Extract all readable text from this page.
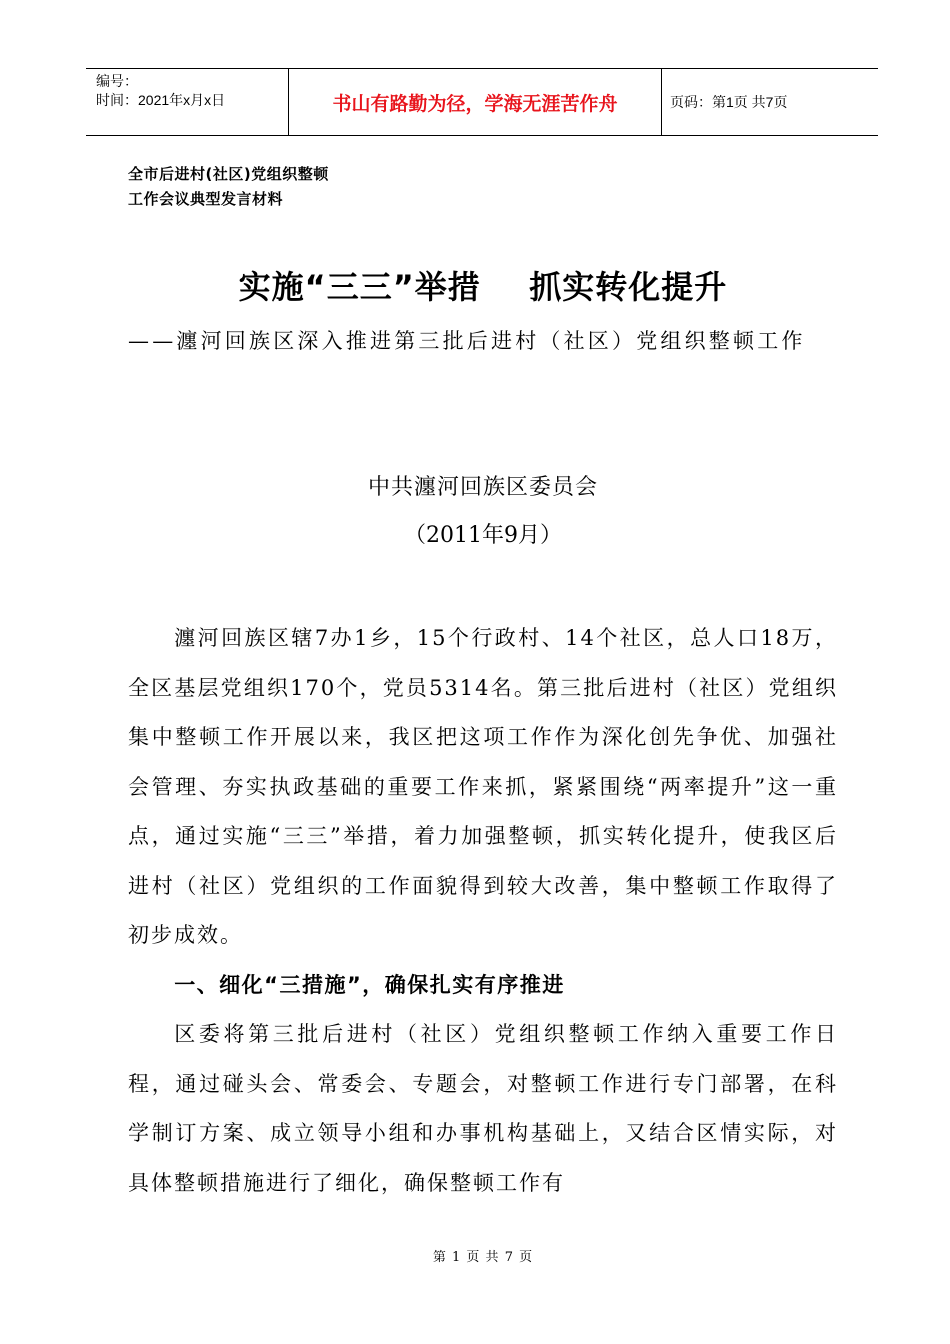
编号：
时间：2021年x月x日	书山有路勤为径，学海无涯苦作舟	页码：第1页 共7页
全市后进村(社区)党组织整顿
工作会议典型发言材料
实施“三三”举措    抓实转化提升
——瀍河回族区深入推进第三批后进村（社区）党组织整顿工作
中共瀍河回族区委员会
（2011年9月）

瀍河回族区辖7办1乡，15个行政村、14个社区，总人口18万，全区基层党组织170个，党员5314名。第三批后进村（社区）党组织集中整顿工作开展以来，我区把这项工作作为深化创先争优、加强社会管理、夯实执政基础的重要工作来抓，紧紧围绕“两率提升”这一重点，通过实施“三三”举措，着力加强整顿，抓实转化提升，使我区后进村（社区）党组织的工作面貌得到较大改善，集中整顿工作取得了初步成效。

一、细化“三措施”，确保扎实有序推进

区委将第三批后进村（社区）党组织整顿工作纳入重要工作日程，通过碰头会、常委会、专题会，对整顿工作进行专门部署，在科学制订方案、成立领导小组和办事机构基础上，又结合区情实际，对具体整顿措施进行了细化，确保整顿工作有

第 1 页 共 7 页
